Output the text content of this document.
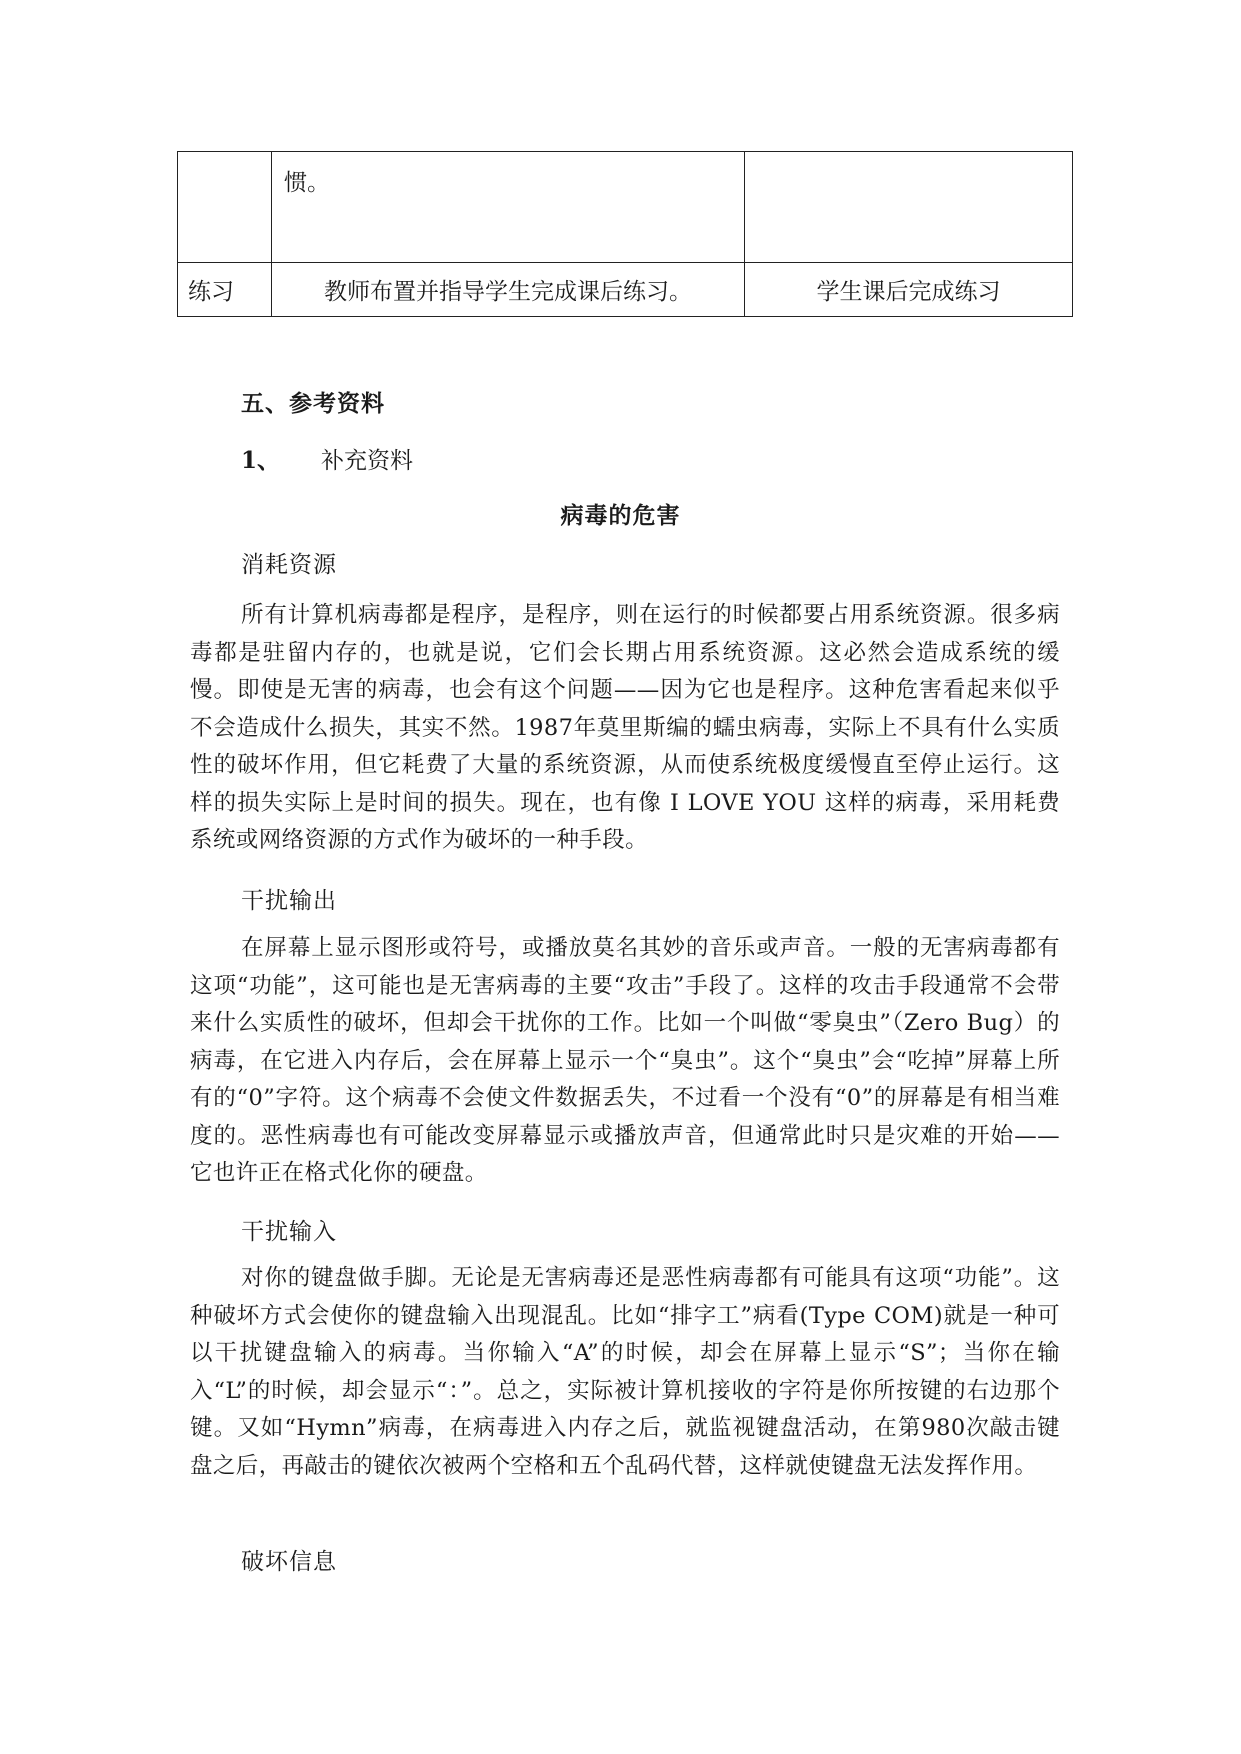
	惯。	
练习	教师布置并指导学生完成课后练习。	学生课后完成练习
五、参考资料
1、 补充资料
病毒的危害
消耗资源
所有计算机病毒都是程序，是程序，则在运行的时候都要占用系统资源。很多病毒都是驻留内存的，也就是说，它们会长期占用系统资源。这必然会造成系统的缓慢。即使是无害的病毒，也会有这个问题——因为它也是程序。这种危害看起来似乎不会造成什么损失，其实不然。1987年莫里斯编的蠕虫病毒，实际上不具有什么实质性的破坏作用，但它耗费了大量的系统资源，从而使系统极度缓慢直至停止运行。这样的损失实际上是时间的损失。现在，也有像 I LOVE YOU 这样的病毒，采用耗费系统或网络资源的方式作为破坏的一种手段。
干扰输出
在屏幕上显示图形或符号，或播放莫名其妙的音乐或声音。一般的无害病毒都有这项“功能”，这可能也是无害病毒的主要“攻击”手段了。这样的攻击手段通常不会带来什么实质性的破坏，但却会干扰你的工作。比如一个叫做“零臭虫”（Zero Bug）的病毒，在它进入内存后，会在屏幕上显示一个“臭虫”。这个“臭虫”会“吃掉”屏幕上所有的“0”字符。这个病毒不会使文件数据丢失，不过看一个没有“0”的屏幕是有相当难度的。恶性病毒也有可能改变屏幕显示或播放声音，但通常此时只是灾难的开始——它也许正在格式化你的硬盘。
干扰输入
对你的键盘做手脚。无论是无害病毒还是恶性病毒都有可能具有这项“功能”。这种破坏方式会使你的键盘输入出现混乱。比如“排字工”病看(Type COM)就是一种可以干扰键盘输入的病毒。当你输入“A”的时候，却会在屏幕上显示“S”；当你在输入“L”的时候，却会显示“：”。总之，实际被计算机接收的字符是你所按键的右边那个键。又如“Hymn”病毒，在病毒进入内存之后，就监视键盘活动，在第980次敲击键盘之后，再敲击的键依次被两个空格和五个乱码代替，这样就使键盘无法发挥作用。
破坏信息
